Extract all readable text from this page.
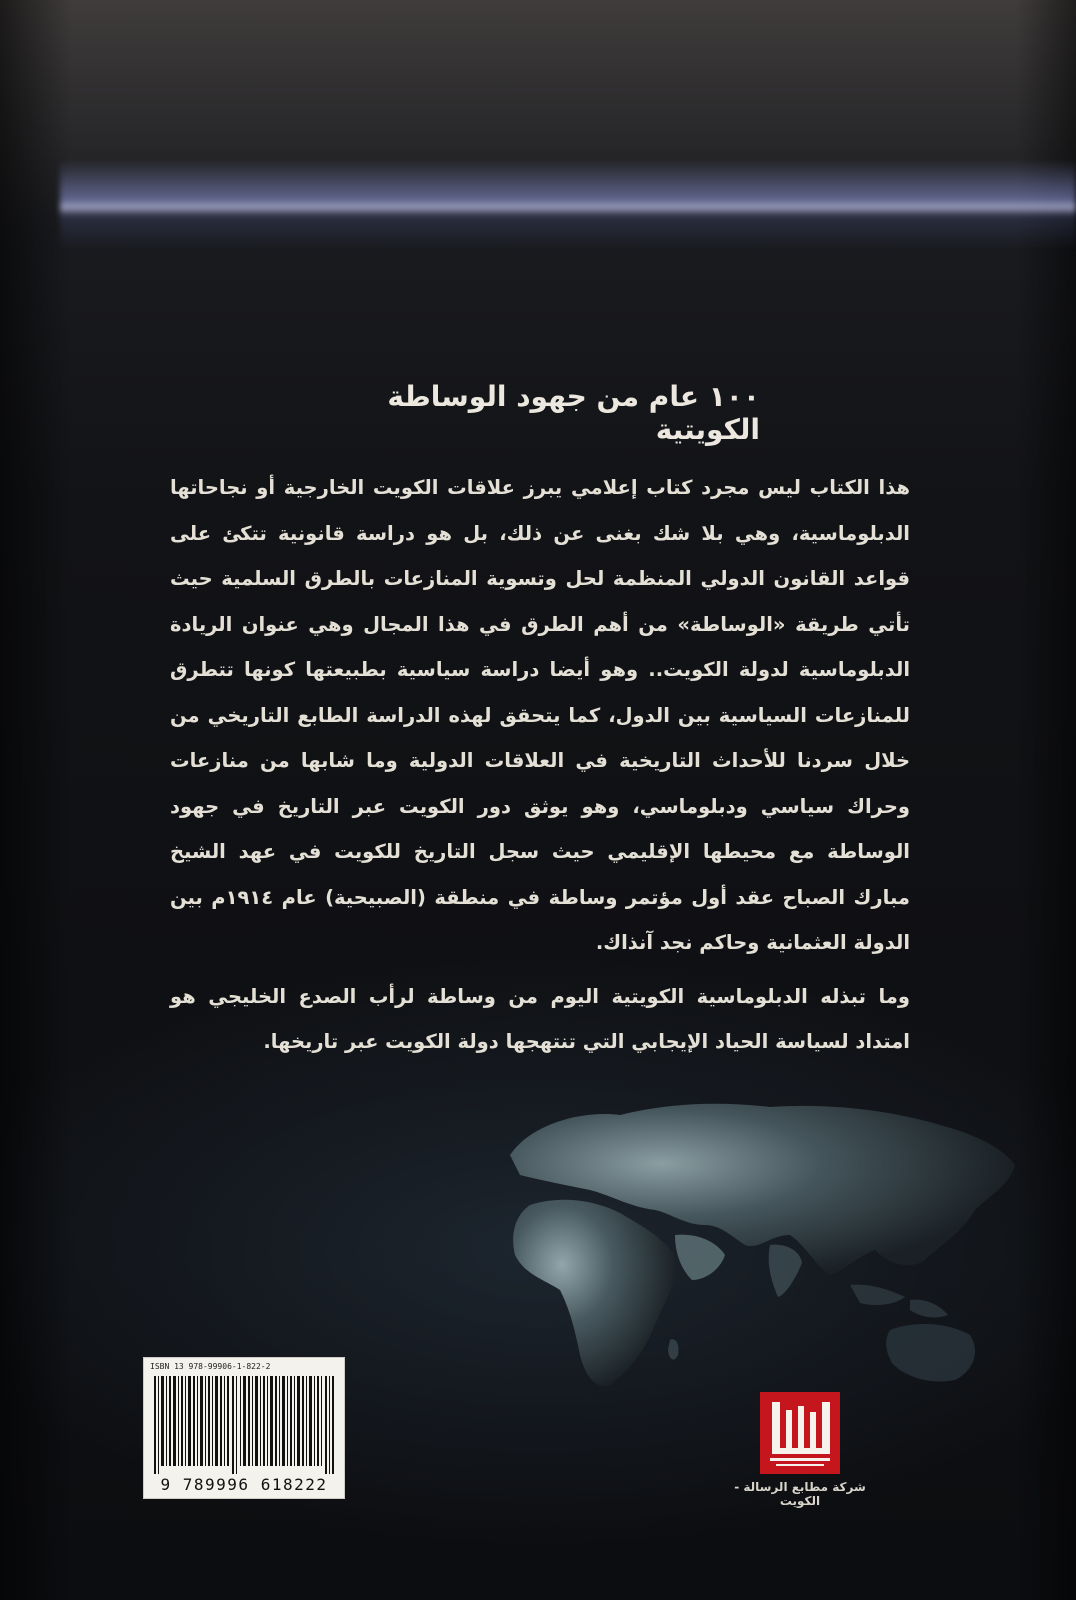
١٠٠ عام من جهود الوساطة الكويتية

هذا الكتاب ليس مجرد كتاب إعلامي يبرز علاقات الكويت الخارجية أو نجاحاتها الدبلوماسية، وهي بلا شك بغنى عن ذلك، بل هو دراسة قانونية تتكئ على قواعد القانون الدولي المنظمة لحل وتسوية المنازعات بالطرق السلمية حيث تأتي طريقة «الوساطة» من أهم الطرق في هذا المجال وهي عنوان الريادة الدبلوماسية لدولة الكويت.. وهو أيضا دراسة سياسية بطبيعتها كونها تتطرق للمنازعات السياسية بين الدول، كما يتحقق لهذه الدراسة الطابع التاريخي من خلال سردنا للأحداث التاريخية في العلاقات الدولية وما شابها من منازعات وحراك سياسي ودبلوماسي، وهو يوثق دور الكويت عبر التاريخ في جهود الوساطة مع محيطها الإقليمي حيث سجل التاريخ للكويت في عهد الشيخ مبارك الصباح عقد أول مؤتمر وساطة في منطقة (الصبيحية) عام ١٩١٤م بين الدولة العثمانية وحاكم نجد آنذاك.

وما تبذله الدبلوماسية الكويتية اليوم من وساطة لرأب الصدع الخليجي هو امتداد لسياسة الحياد الإيجابي التي تنتهجها دولة الكويت عبر تاريخها.

ISBN 13 978-99906-1-822-2
9 789996 618222	شركة مطابع الرسالة - الكويت
